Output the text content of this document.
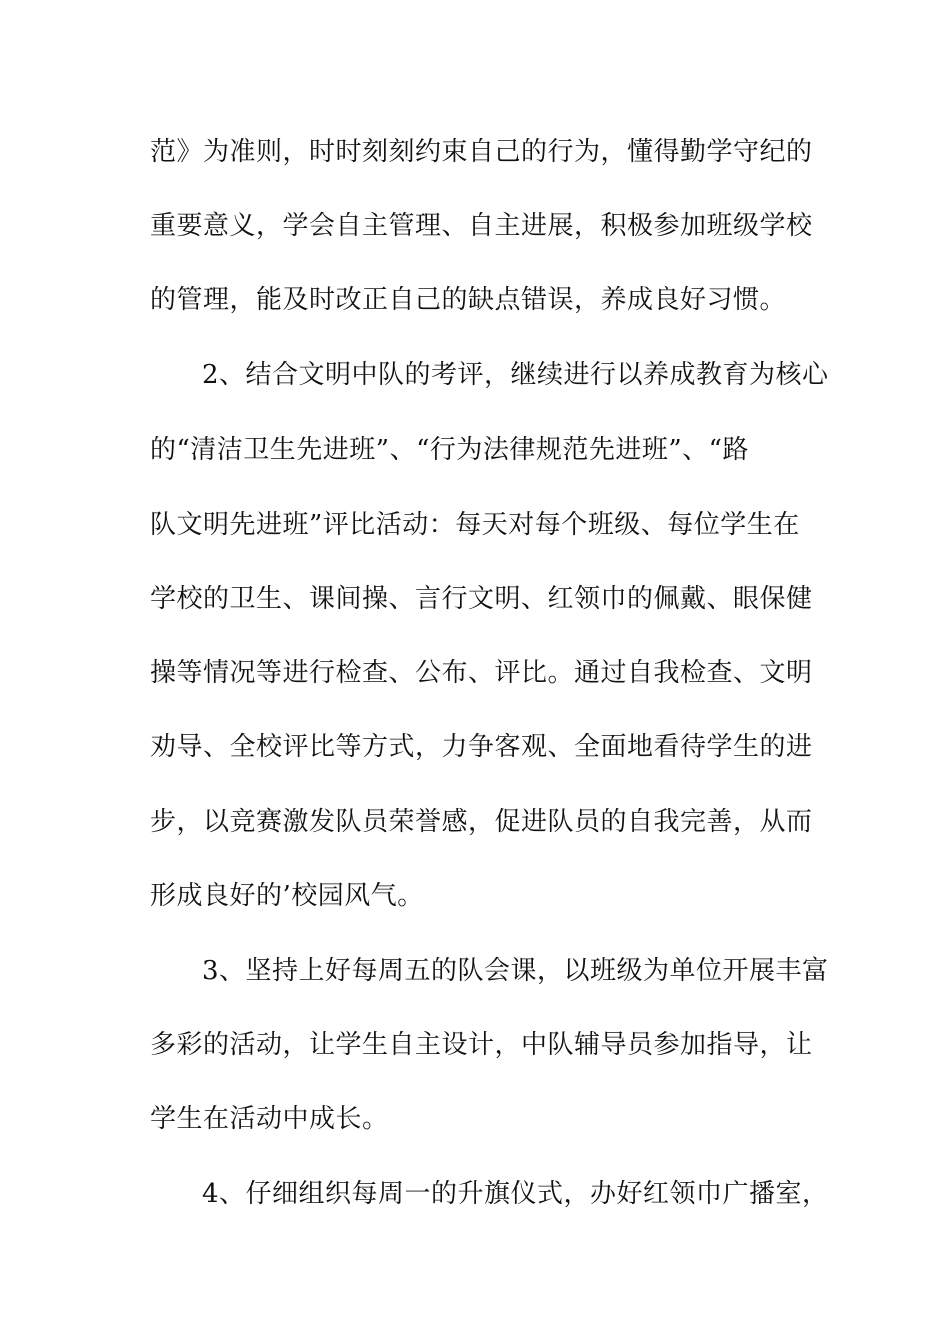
范》为准则，时时刻刻约束自己的行为，懂得勤学守纪的
重要意义，学会自主管理、自主进展，积极参加班级学校
的管理，能及时改正自己的缺点错误，养成良好习惯。
2、结合文明中队的考评，继续进行以养成教育为核心
的“清洁卫生先进班”、“行为法律规范先进班”、“路
队文明先进班”评比活动：每天对每个班级、每位学生在
学校的卫生、课间操、言行文明、红领巾的佩戴、眼保健
操等情况等进行检查、公布、评比。通过自我检查、文明
劝导、全校评比等方式，力争客观、全面地看待学生的进
步，以竞赛激发队员荣誉感，促进队员的自我完善，从而
形成良好的’校园风气。
3、坚持上好每周五的队会课，以班级为单位开展丰富
多彩的活动，让学生自主设计，中队辅导员参加指导，让
学生在活动中成长。
4、仔细组织每周一的升旗仪式，办好红领巾广播室，
